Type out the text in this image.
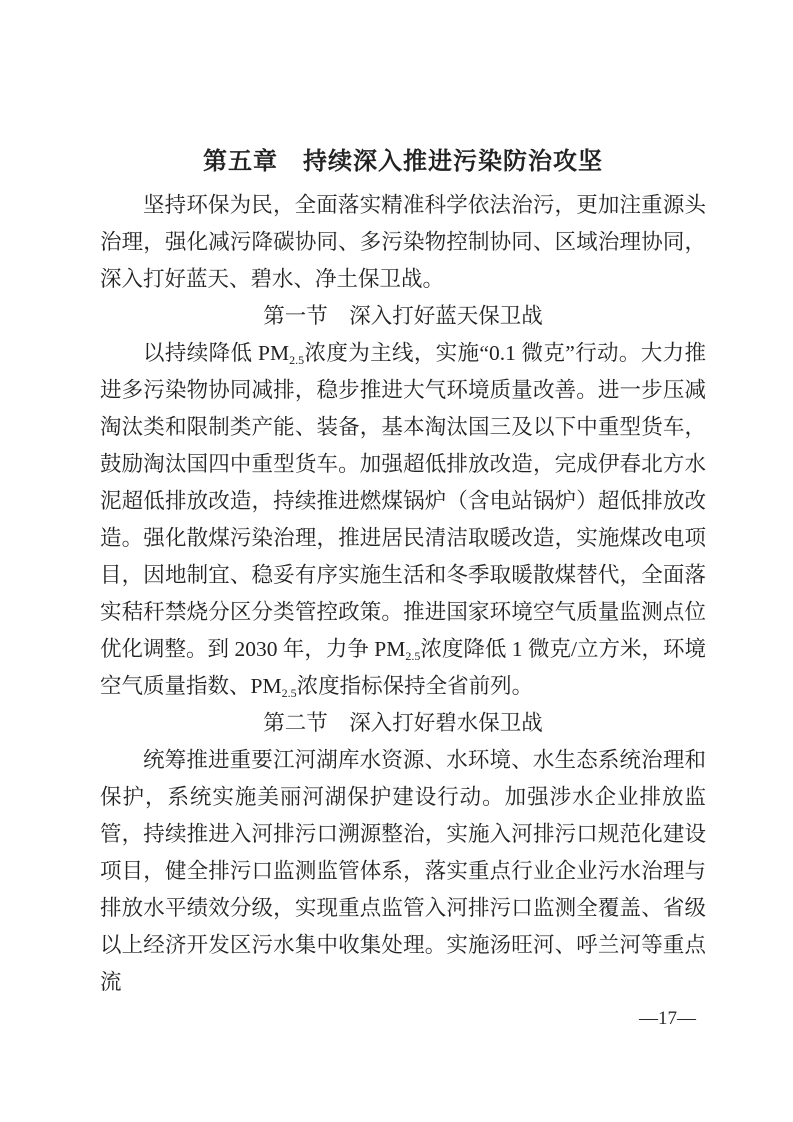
第五章　持续深入推进污染防治攻坚

坚持环保为民，全面落实精准科学依法治污，更加注重源头治理，强化减污降碳协同、多污染物控制协同、区域治理协同，深入打好蓝天、碧水、净土保卫战。

第一节　深入打好蓝天保卫战

以持续降低 $PM_{2.5}$浓度为主线，实施“0.1 微克”行动。大力推进多污染物协同减排，稳步推进大气环境质量改善。进一步压减淘汰类和限制类产能、装备，基本淘汰国三及以下中重型货车，鼓励淘汰国四中重型货车。加强超低排放改造，完成伊春北方水泥超低排放改造，持续推进燃煤锅炉（含电站锅炉）超低排放改造。强化散煤污染治理，推进居民清洁取暖改造，实施煤改电项目，因地制宜、稳妥有序实施生活和冬季取暖散煤替代，全面落实秸秆禁烧分区分类管控政策。推进国家环境空气质量监测点位优化调整。到 2030 年，力争 $PM_{2.5}$浓度降低 1 微克/立方米，环境空气质量指数、$PM_{2.5}$浓度指标保持全省前列。

第二节　深入打好碧水保卫战

统筹推进重要江河湖库水资源、水环境、水生态系统治理和保护，系统实施美丽河湖保护建设行动。加强涉水企业排放监管，持续推进入河排污口溯源整治，实施入河排污口规范化建设项目，健全排污口监测监管体系，落实重点行业企业污水治理与排放水平绩效分级，实现重点监管入河排污口监测全覆盖、省级以上经济开发区污水集中收集处理。实施汤旺河、呼兰河等重点流

—17—
